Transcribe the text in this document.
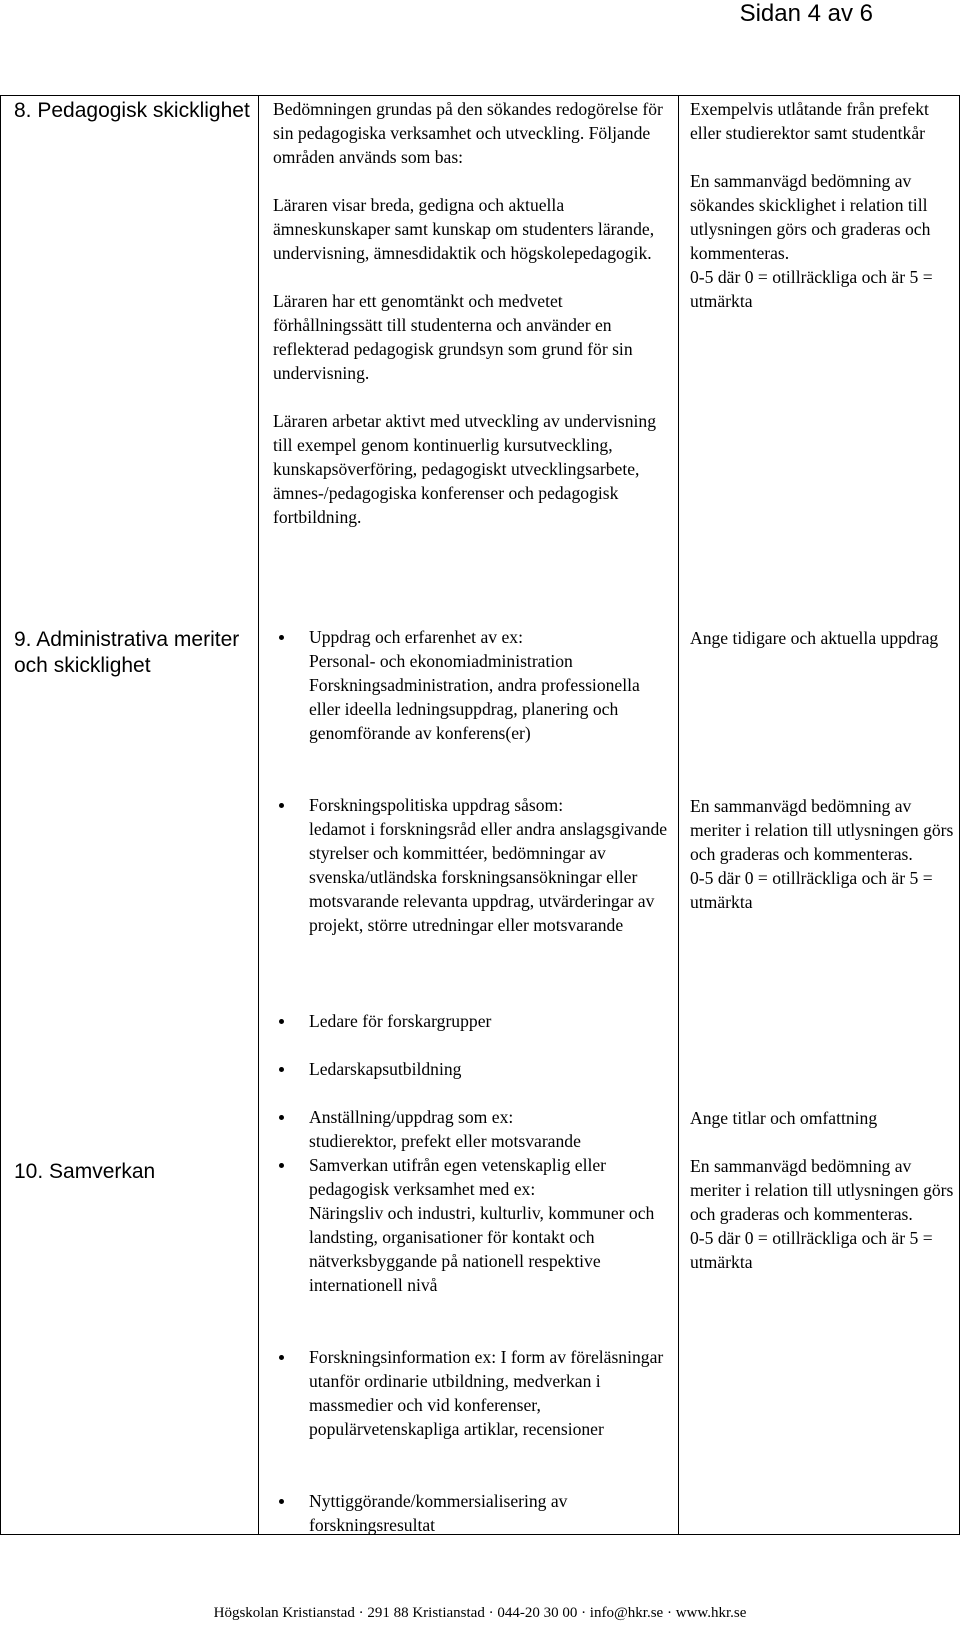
Sidan 4 av 6
8. Pedagogisk skicklighet Bedömningen grundas på den sökandes redogörelse för sin pedagogiska verksamhet och utveckling. Följande områden används som bas:

Läraren visar breda, gedigna och aktuella ämneskunskaper samt kunskap om studenters lärande, undervisning, ämnesdidaktik och högskolepedagogik.

Läraren har ett genomtänkt och medvetet förhållningssätt till studenterna och använder en reflekterad pedagogisk grundsyn som grund för sin undervisning.

Läraren arbetar aktivt med utveckling av undervisning till exempel genom kontinuerlig kursutveckling, kunskapsöverföring, pedagogiskt utvecklingsarbete, ämnes-/pedagogiska konferenser och pedagogisk fortbildning.

Exempelvis utlåtande från prefekt eller studierektor samt studentkår

En sammanvägd bedömning av sökandes skicklighet i relation till utlysningen görs och graderas och kommenteras.

0-5 där 0 = otillräckliga och är 5 = utmärkta

9. Administrativa meriter och skicklighet
Uppdrag och erfarenhet av ex:
Personal- och ekonomiadministration
Forskningsadministration, andra professionella eller ideella ledningsuppdrag, planering och genomförande av konferens(er)
Forskningspolitiska uppdrag såsom:
ledamot i forskningsråd eller andra anslagsgivande styrelser och kommittéer, bedömningar av svenska/utländska forskningsansökningar eller motsvarande relevanta uppdrag, utvärderingar av projekt, större utredningar eller motsvarande
Ledare för forskargrupper
Ledarskapsutbildning
Anställning/uppdrag som ex:
studierektor, prefekt eller motsvarande

Ange tidigare och aktuella uppdrag

En sammanvägd bedömning av meriter i relation till utlysningen görs och graderas och kommenteras.

0-5 där 0 = otillräckliga och är 5 = utmärkta

Ange titlar och omfattning

10. Samverkan	Samverkan utifrån egen vetenskaplig eller pedagogisk verksamhet med ex:
Näringsliv och industri, kulturliv, kommuner och landsting, organisationer för kontakt och nätverksbyggande på nationell respektive internationell nivå
Forskningsinformation ex: I form av föreläsningar utanför ordinarie utbildning, medverkan i massmedier och vid konferenser, populärvetenskapliga artiklar, recensioner
Nyttiggörande/kommersialisering av forskningsresultat

En sammanvägd bedömning av meriter i relation till utlysningen görs och graderas och kommenteras.

0-5 där 0 = otillräckliga och är 5 = utmärkta

Högskolan Kristianstad · 291 88 Kristianstad · 044-20 30 00 · info@hkr.se · www.hkr.se
